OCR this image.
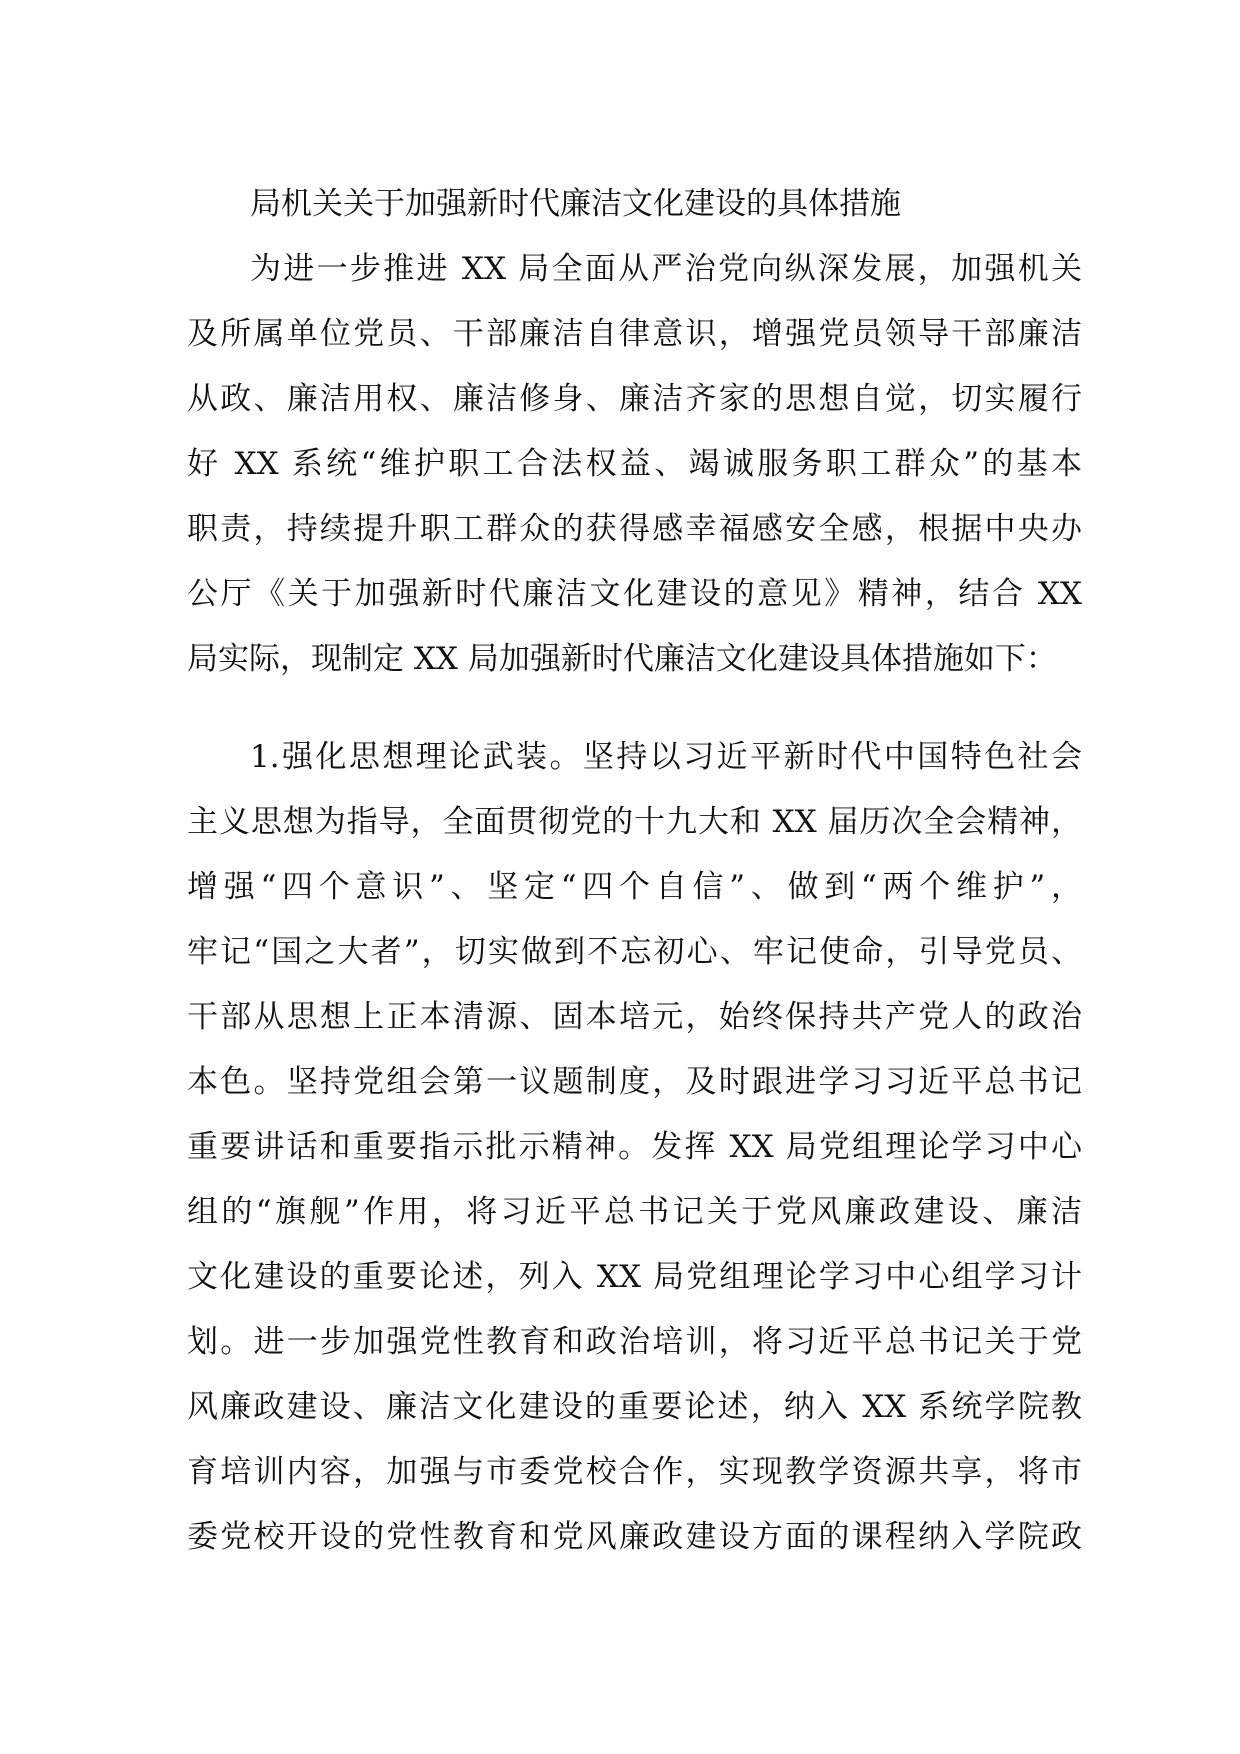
局机关关于加强新时代廉洁文化建设的具体措施
为进一步推进 XX 局全面从严治党向纵深发展，加强机关
及所属单位党员、干部廉洁自律意识，增强党员领导干部廉洁
从政、廉洁用权、廉洁修身、廉洁齐家的思想自觉，切实履行
好 XX 系统“维护职工合法权益、竭诚服务职工群众”的基本
职责，持续提升职工群众的获得感幸福感安全感，根据中央办
公厅《关于加强新时代廉洁文化建设的意见》精神，结合 XX
局实际，现制定 XX 局加强新时代廉洁文化建设具体措施如下：
1.强化思想理论武装。坚持以习近平新时代中国特色社会
主义思想为指导，全面贯彻党的十九大和 XX 届历次全会精神，
增强“四个意识”、坚定“四个自信”、做到“两个维护”，
牢记“国之大者”，切实做到不忘初心、牢记使命，引导党员、
干部从思想上正本清源、固本培元，始终保持共产党人的政治
本色。坚持党组会第一议题制度，及时跟进学习习近平总书记
重要讲话和重要指示批示精神。发挥 XX 局党组理论学习中心
组的“旗舰”作用，将习近平总书记关于党风廉政建设、廉洁
文化建设的重要论述，列入 XX 局党组理论学习中心组学习计
划。进一步加强党性教育和政治培训，将习近平总书记关于党
风廉政建设、廉洁文化建设的重要论述，纳入 XX 系统学院教
育培训内容，加强与市委党校合作，实现教学资源共享，将市
委党校开设的党性教育和党风廉政建设方面的课程纳入学院政
